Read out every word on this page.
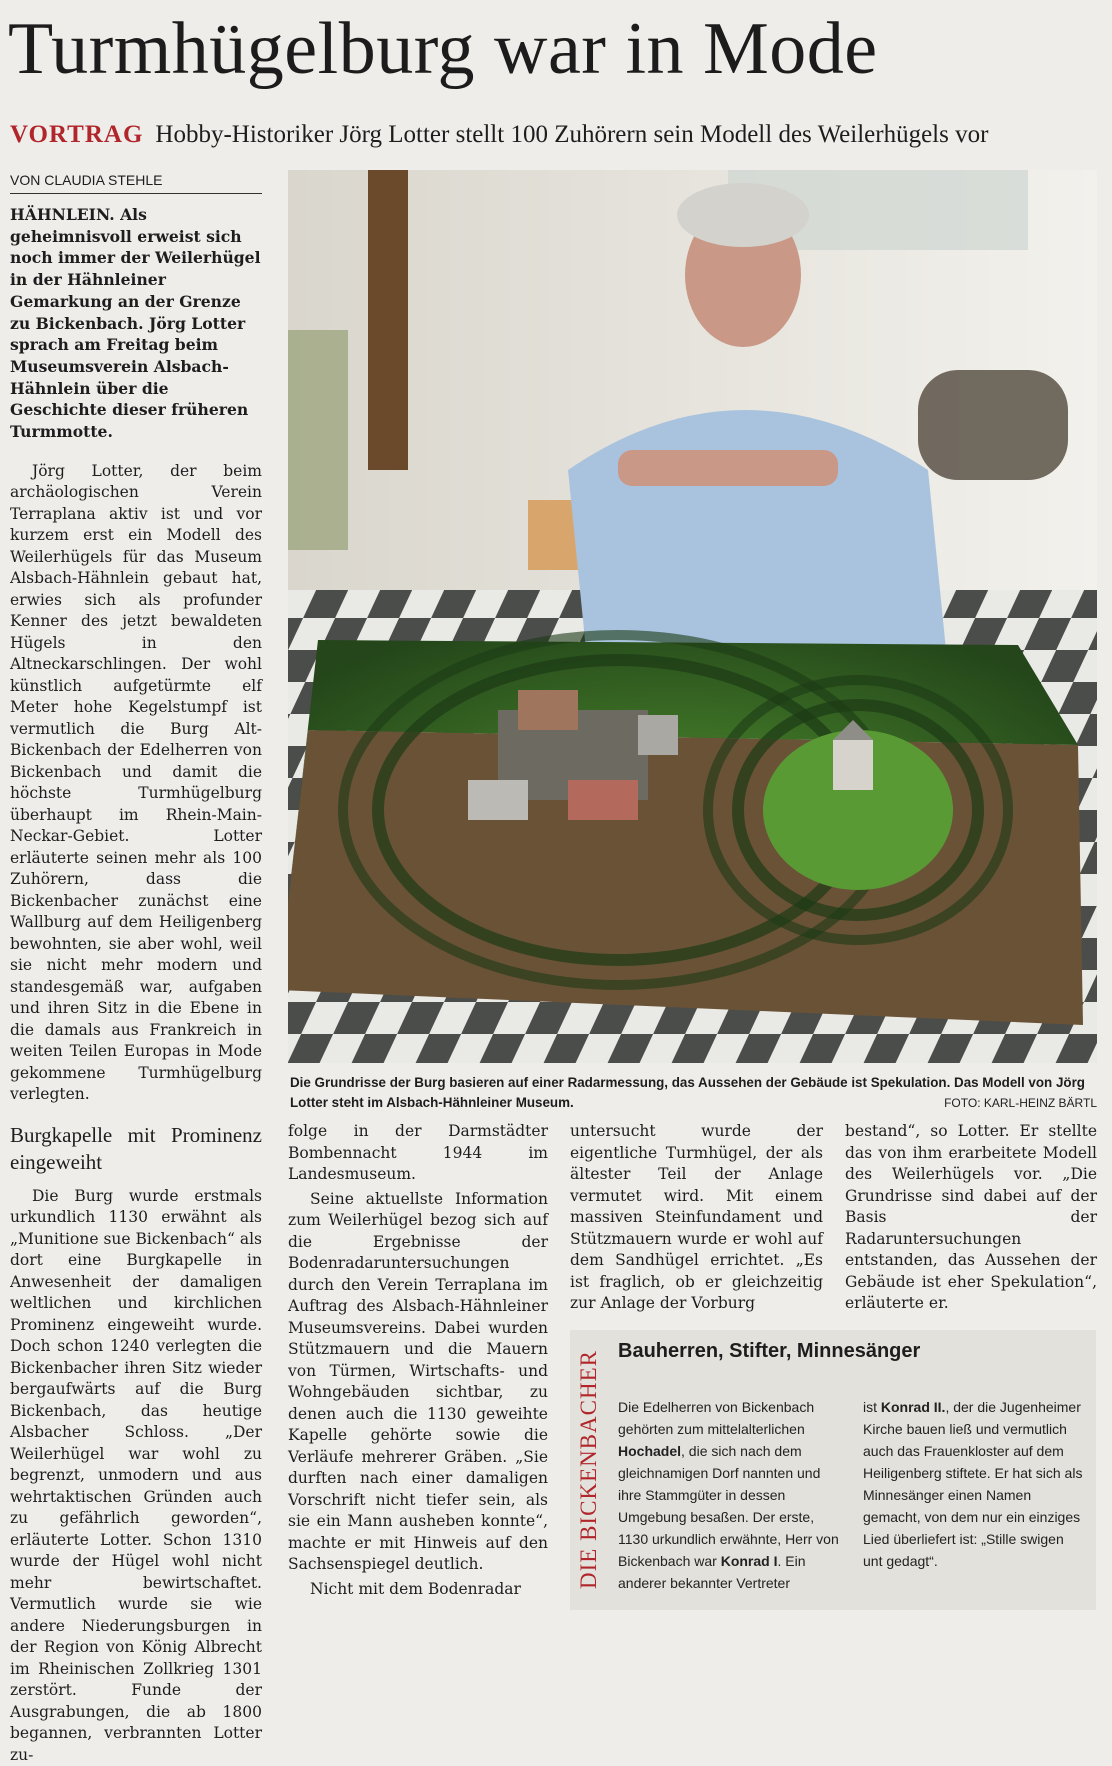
Turmhügelburg war in Mode
VORTRAG Hobby-Historiker Jörg Lotter stellt 100 Zuhörern sein Modell des Weilerhügels vor
VON CLAUDIA STEHLE

HÄHNLEIN. Als geheimnisvoll erweist sich noch immer der Weilerhügel in der Hähnleiner Gemarkung an der Grenze zu Bickenbach. Jörg Lotter sprach am Freitag beim Museumsverein Alsbach-Hähnlein über die Geschichte dieser früheren Turmmotte.

Jörg Lotter, der beim archäologischen Verein Terraplana aktiv ist und vor kurzem erst ein Modell des Weilerhügels für das Museum Alsbach-Hähnlein gebaut hat, erwies sich als profunder Kenner des jetzt bewaldeten Hügels in den Altneckarschlingen. Der wohl künstlich aufgetürmte elf Meter hohe Kegelstumpf ist vermutlich die Burg Alt-Bickenbach der Edelherren von Bickenbach und damit die höchste Turmhügelburg überhaupt im Rhein-Main-Neckar-Gebiet. Lotter erläuterte seinen mehr als 100 Zuhörern, dass die Bickenbacher zunächst eine Wallburg auf dem Heiligenberg bewohnten, sie aber wohl, weil sie nicht mehr modern und standesgemäß war, aufgaben und ihren Sitz in die Ebene in die damals aus Frankreich in weiten Teilen Europas in Mode gekommene Turmhügelburg verlegten.

Burgkapelle mit Prominenz eingeweiht

Die Burg wurde erstmals urkundlich 1130 erwähnt als „Munitione sue Bickenbach“ als dort eine Burgkapelle in Anwesenheit der damaligen weltlichen und kirchlichen Prominenz eingeweiht wurde. Doch schon 1240 verlegten die Bickenbacher ihren Sitz wieder bergaufwärts auf die Burg Bickenbach, das heutige Alsbacher Schloss. „Der Weilerhügel war wohl zu begrenzt, unmodern und aus wehrtaktischen Gründen auch zu gefährlich geworden“, erläuterte Lotter. Schon 1310 wurde der Hügel wohl nicht mehr bewirtschaftet. Vermutlich wurde sie wie andere Niederungsburgen in der Region von König Albrecht im Rheinischen Zollkrieg 1301 zerstört. Funde der Ausgrabungen, die ab 1800 begannen, verbrannten Lotter zu-

Die Grundrisse der Burg basieren auf einer Radarmessung, das Aussehen der Gebäude ist Spekulation. Das Modell von Jörg Lotter steht im Alsbach-Hähnleiner Museum.	FOTO: KARL-HEINZ BÄRTL

folge in der Darmstädter Bombennacht 1944 im Landesmuseum.

Seine aktuellste Information zum Weilerhügel bezog sich auf die Ergebnisse der Bodenradaruntersuchungen durch den Verein Terraplana im Auftrag des Alsbach-Hähnleiner Museumsvereins. Dabei wurden Stützmauern und die Mauern von Türmen, Wirtschafts- und Wohngebäuden sichtbar, zu denen auch die 1130 geweihte Kapelle gehörte sowie die Verläufe mehrerer Gräben. „Sie durften nach einer damaligen Vorschrift nicht tiefer sein, als sie ein Mann ausheben konnte“, machte er mit Hinweis auf den Sachsenspiegel deutlich.

Nicht mit dem Bodenradar

untersucht wurde der eigentliche Turmhügel, der als ältester Teil der Anlage vermutet wird. Mit einem massiven Steinfundament und Stützmauern wurde er wohl auf dem Sandhügel errichtet. „Es ist fraglich, ob er gleichzeitig zur Anlage der Vorburg

bestand“, so Lotter. Er stellte das von ihm erarbeitete Modell des Weilerhügels vor. „Die Grundrisse sind dabei auf der Basis der Radaruntersuchungen entstanden, das Aussehen der Gebäude ist eher Spekulation“, erläuterte er.

DIE BICKENBACHER Bauherren, Stifter, Minnesänger

Die Edelherren von Bickenbach gehörten zum mittelalterlichen Hochadel, die sich nach dem gleichnamigen Dorf nannten und ihre Stammgüter in dessen Umgebung besaßen. Der erste, 1130 urkundlich erwähnte, Herr von Bickenbach war Konrad I. Ein anderer bekannter Vertreter

ist Konrad II., der die Jugenheimer Kirche bauen ließ und vermutlich auch das Frauenkloster auf dem Heiligenberg stiftete. Er hat sich als Minnesänger einen Namen gemacht, von dem nur ein einziges Lied überliefert ist: „Stille swigen unt gedagt“.
